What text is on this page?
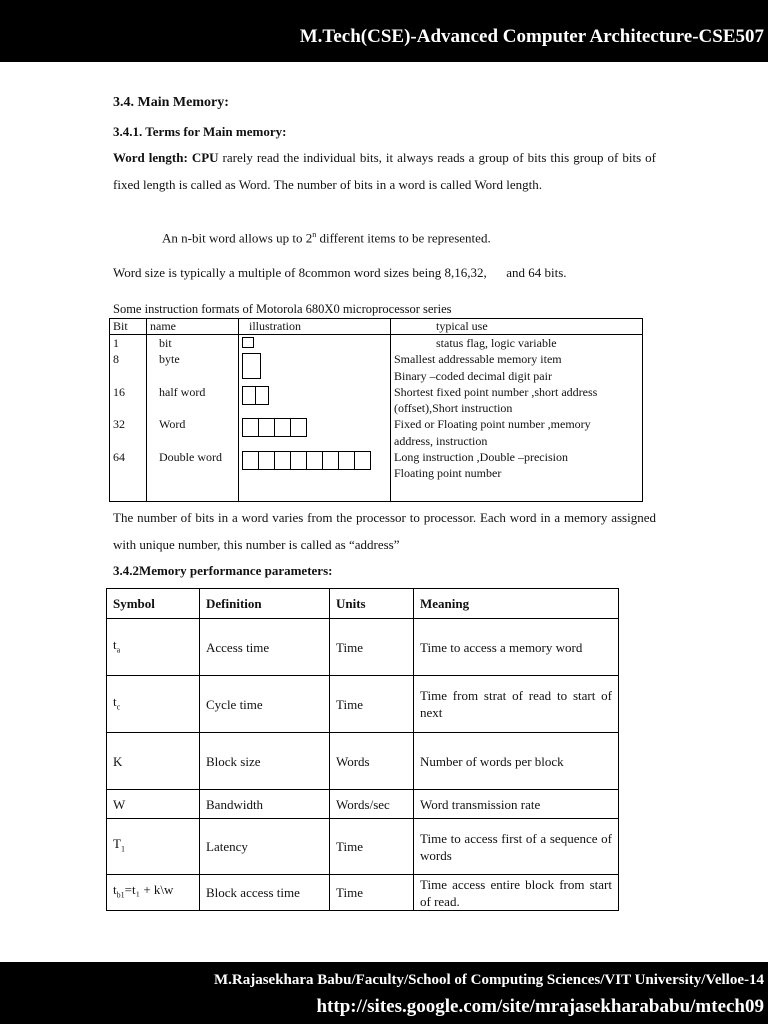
M.Tech(CSE)-Advanced Computer Architecture-CSE507
3.4. Main Memory:
3.4.1. Terms for Main memory:
Word length: CPU rarely read the individual bits, it always reads a group of bits this group of bits of fixed length is called as Word. The number of bits in a word is called Word length.
An n-bit word allows up to 2$^n$ different items to be represented.
Word size is typically a multiple of 8common word sizes being 8,16,32,      and 64 bits.
Some instruction formats of Motorola 680X0 microprocessor series
Bit	name	illustration	typical use
1	bit		status flag, logic variable
8	byte		Smallest addressable memory item
			Binary –coded decimal digit pair
16	half word		Shortest fixed point number ,short address
			(offset),Short instruction
32	Word		Fixed or Floating point number ,memory
			address, instruction
64	Double word		Long instruction ,Double –precision
			Floating point number

The number of bits in a word varies from the processor to processor. Each word in a memory assigned with unique number, this number is called as “address”
3.4.2Memory performance parameters:
Symbol	Definition	Units	Meaning
$t_a$	Access time	Time	Time to access a memory word
$t_c$	Cycle time	Time	Time from strat of read to start of next
K	Block size	Words	Number of words per block
W	Bandwidth	Words/sec	Word transmission rate
$T_1$	Latency	Time	Time to access first of a sequence of words
$t_{b1}=t_1$ + k\w	Block access time	Time	Time access entire block from start of read.
M.Rajasekhara Babu/Faculty/School of Computing Sciences/VIT University/Velloe-14
http://sites.google.com/site/mrajasekharababu/mtech09
